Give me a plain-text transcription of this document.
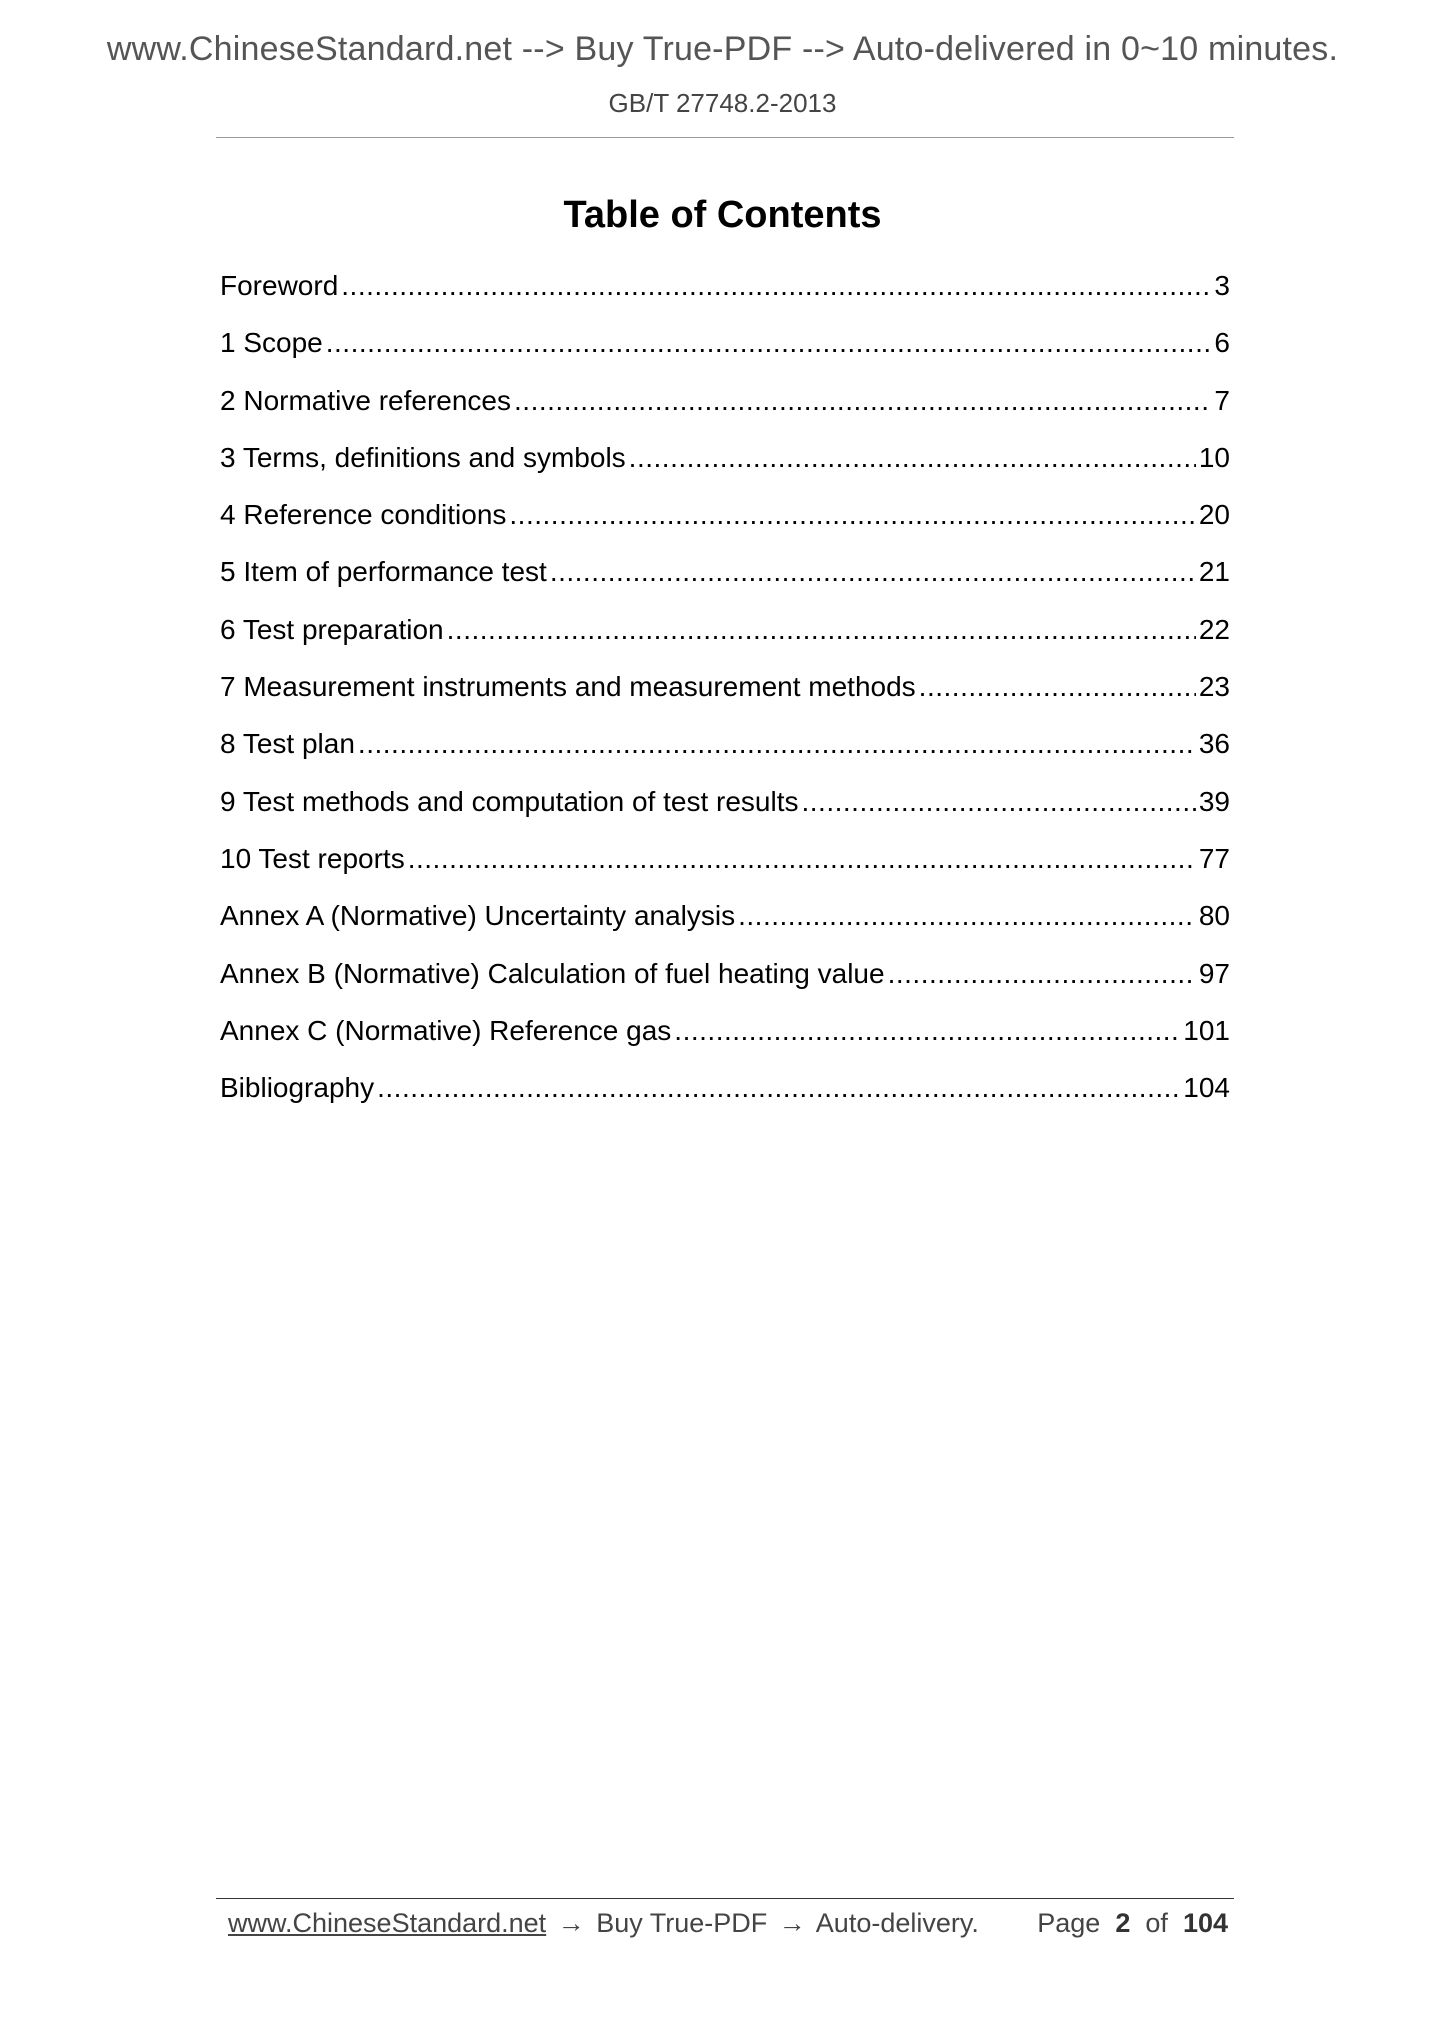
www.ChineseStandard.net --> Buy True-PDF --> Auto-delivered in 0~10 minutes.
GB/T 27748.2-2013
Table of Contents
Foreword .....	3
1 Scope .....	6
2 Normative references .....	7
3 Terms, definitions and symbols .....	10
4 Reference conditions .....	20
5 Item of performance test .....	21
6 Test preparation .....	22
7 Measurement instruments and measurement methods .....	23
8 Test plan .....	36
9 Test methods and computation of test results .....	39
10 Test reports .....	77
Annex A (Normative) Uncertainty analysis .....	80
Annex B (Normative) Calculation of fuel heating value .....	97
Annex C (Normative) Reference gas .....	101
Bibliography .....	104
www.ChineseStandard.net → Buy True-PDF → Auto-delivery. Page 2 of 104
